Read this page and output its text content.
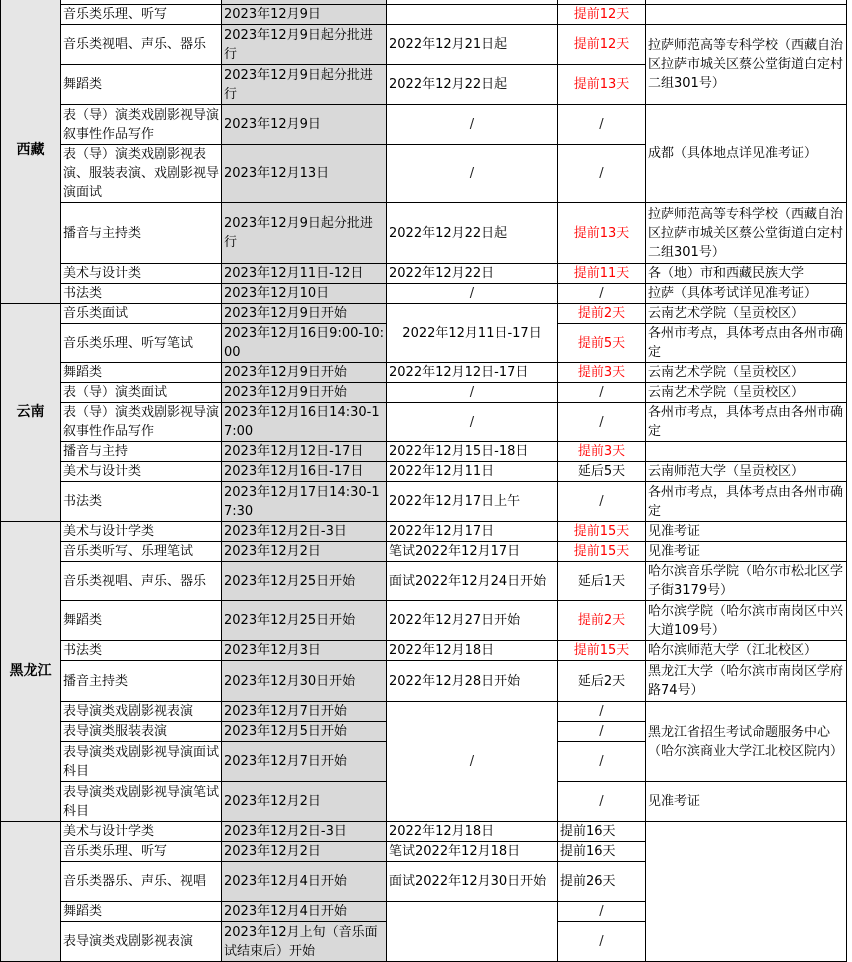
西藏					
	音乐类乐理、听写	2023年12月9日		提前12天	
	音乐类视唱、声乐、器乐	2023年12月9日起分批进行	2022年12月21日起	提前12天	拉萨师范高等专科学校（西藏自治区拉萨市城关区蔡公堂街道白定村二组301号）
	舞蹈类	2023年12月9日起分批进行	2022年12月22日起	提前13天	
	表（导）演类戏剧影视导演叙事性作品写作	2023年12月9日	/	/	成都（具体地点详见准考证）
	表（导）演类戏剧影视表演、服装表演、戏剧影视导演面试	2023年12月13日	/	/	
	播音与主持类	2023年12月9日起分批进行	2022年12月22日起	提前13天	拉萨师范高等专科学校（西藏自治区拉萨市城关区蔡公堂街道白定村二组301号）
	美术与设计类	2023年12月11日-12日	2022年12月22日	提前11天	各（地）市和西藏民族大学
	书法类	2023年12月10日	/	/	拉萨（具体考试详见准考证）
云南	音乐类面试	2023年12月9日开始	2022年12月11日-17日	提前2天	云南艺术学院（呈贡校区）
	音乐类乐理、听写笔试	2023年12月16日9:00-10:00		提前5天	各州市考点，具体考点由各州市确定
	舞蹈类	2023年12月9日开始	2022年12月12日-17日	提前3天	云南艺术学院（呈贡校区）
	表（导）演类面试	2023年12月9日开始	/	/	云南艺术学院（呈贡校区）
	表（导）演类戏剧影视导演叙事性作品写作	2023年12月16日14:30-17:00	/	/	各州市考点，具体考点由各州市确定
	播音与主持	2023年12月12日-17日	2022年12月15日-18日	提前3天	
	美术与设计类	2023年12月16日-17日	2022年12月11日	延后5天	云南师范大学（呈贡校区）
	书法类	2023年12月17日14:30-17:30	2022年12月17日上午	/	各州市考点，具体考点由各州市确定
黑龙江	美术与设计学类	2023年12月2日-3日	2022年12月17日	提前15天	见准考证
	音乐类听写、乐理笔试	2023年12月2日	笔试2022年12月17日	提前15天	见准考证
	音乐类视唱、声乐、器乐	2023年12月25日开始	面试2022年12月24日开始	延后1天	哈尔滨音乐学院（哈尔市松北区学子街3179号）
	舞蹈类	2023年12月25日开始	2022年12月27日开始	提前2天	哈尔滨学院（哈尔滨市南岗区中兴大道109号）
	书法类	2023年12月3日	2022年12月18日	提前15天	哈尔滨师范大学（江北校区）
	播音主持类	2023年12月30日开始	2022年12月28日开始	延后2天	黑龙江大学（哈尔滨市南岗区学府路74号）
	表导演类戏剧影视表演	2023年12月7日开始	/	/	黑龙江省招生考试命题服务中心（哈尔滨商业大学江北校区院内）
	表导演类服装表演	2023年12月5日开始		/	
	表导演类戏剧影视导演面试科目	2023年12月7日开始		/	
	表导演类戏剧影视导演笔试科目	2023年12月2日		/	见准考证
	美术与设计学类	2023年12月2日-3日	2022年12月18日	提前16天	
	音乐类乐理、听写	2023年12月2日	笔试2022年12月18日	提前16天	
	音乐类器乐、声乐、视唱	2023年12月4日开始	面试2022年12月30日开始	提前26天	
	舞蹈类	2023年12月4日开始		/	
	表导演类戏剧影视表演	2023年12月上旬（音乐面试结束后）开始		/	
